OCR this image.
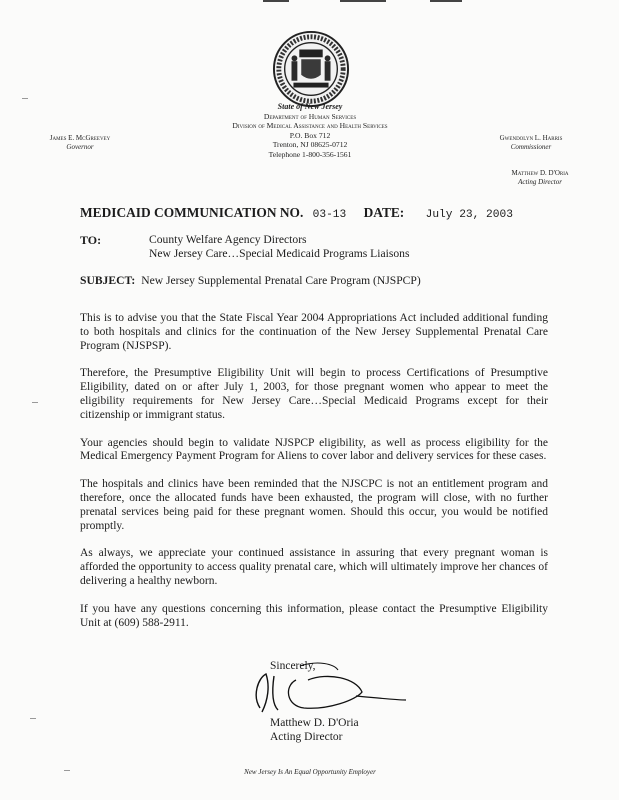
State of New Jersey
Department of Human Services
Division of Medical Assistance and Health Services
P.O. Box 712
Trenton, NJ 08625-0712
Telephone 1-800-356-1561
James E. McGreevey
Governor
Gwendolyn L. Harris
Commissioner
Matthew D. D'Oria
Acting Director
MEDICAID COMMUNICATION NO. 03-13 DATE: July 23, 2003
TO:	County Welfare Agency Directors
New Jersey Care…Special Medicaid Programs Liaisons
SUBJECT: New Jersey Supplemental Prenatal Care Program (NJSPCP)

This is to advise you that the State Fiscal Year 2004 Appropriations Act included additional funding to both hospitals and clinics for the continuation of the New Jersey Supplemental Prenatal Care Program (NJSPSP).

Therefore, the Presumptive Eligibility Unit will begin to process Certifications of Presumptive Eligibility, dated on or after July 1, 2003, for those pregnant women who appear to meet the eligibility requirements for New Jersey Care…Special Medicaid Programs except for their citizenship or immigrant status.

Your agencies should begin to validate NJSPCP eligibility, as well as process eligibility for the Medical Emergency Payment Program for Aliens to cover labor and delivery services for these cases.

The hospitals and clinics have been reminded that the NJSCPC is not an entitlement program and therefore, once the allocated funds have been exhausted, the program will close, with no further prenatal services being paid for these pregnant women. Should this occur, you would be notified promptly.

As always, we appreciate your continued assistance in assuring that every pregnant woman is afforded the opportunity to access quality prenatal care, which will ultimately improve her chances of delivering a healthy newborn.

If you have any questions concerning this information, please contact the Presumptive Eligibility Unit at (609) 588-2911.

Sincerely,
Matthew D. D'Oria
Acting Director
New Jersey Is An Equal Opportunity Employer
